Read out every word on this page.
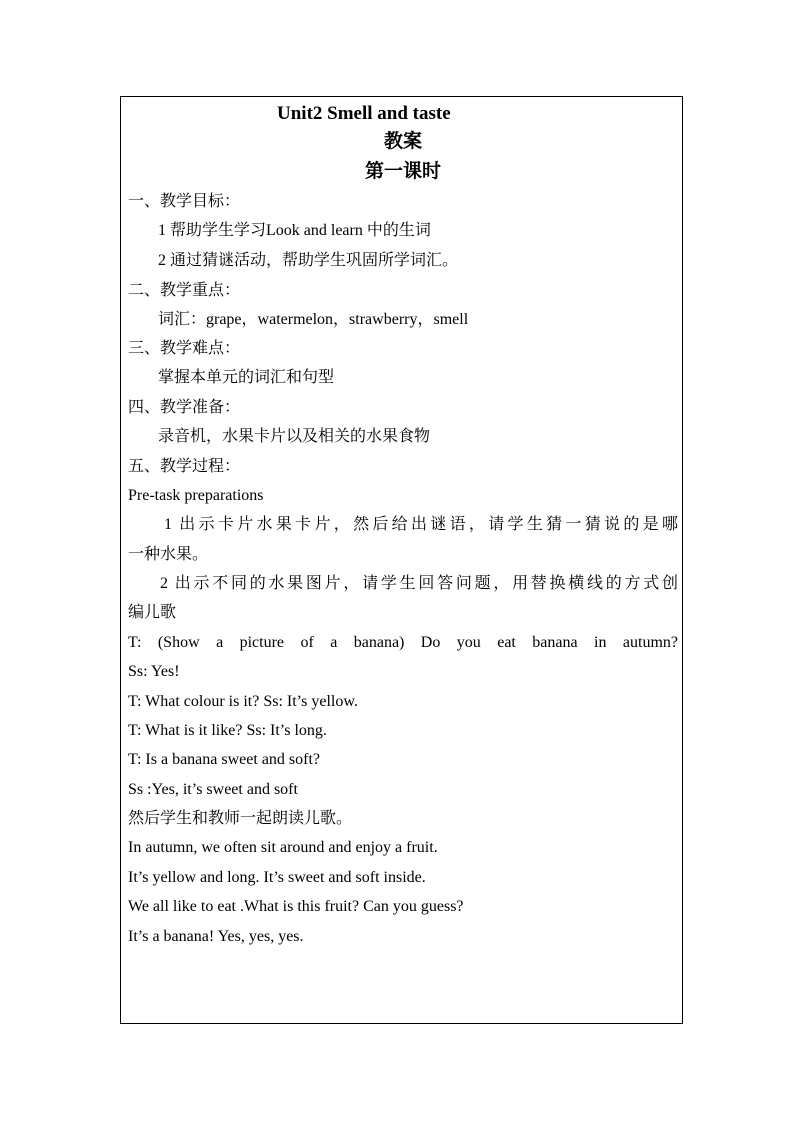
Unit2 Smell and taste
教案
第一课时
一、教学目标：
1 帮助学生学习Look and learn 中的生词
2 通过猜谜活动，帮助学生巩固所学词汇。
二、教学重点：
词汇：grape，watermelon，strawberry，smell
三、教学难点：
掌握本单元的词汇和句型
四、教学准备：
录音机，水果卡片以及相关的水果食物
五、教学过程：
Pre-task preparations
1 出示卡片水果卡片，然后给出谜语，请学生猜一猜说的是哪
一种水果。
2 出示不同的水果图片，请学生回答问题，用替换横线的方式创
编儿歌
T: (Show a picture of a banana) Do you eat banana in autumn?
Ss: Yes!
T: What colour is it? Ss: It’s yellow.
T: What is it like? Ss: It’s long.
T: Is a banana sweet and soft?
Ss :Yes, it’s sweet and soft
然后学生和教师一起朗读儿歌。
In autumn, we often sit around and enjoy a fruit.
It’s yellow and long. It’s sweet and soft inside.
We all like to eat .What is this fruit? Can you guess?
It’s a banana! Yes, yes, yes.
